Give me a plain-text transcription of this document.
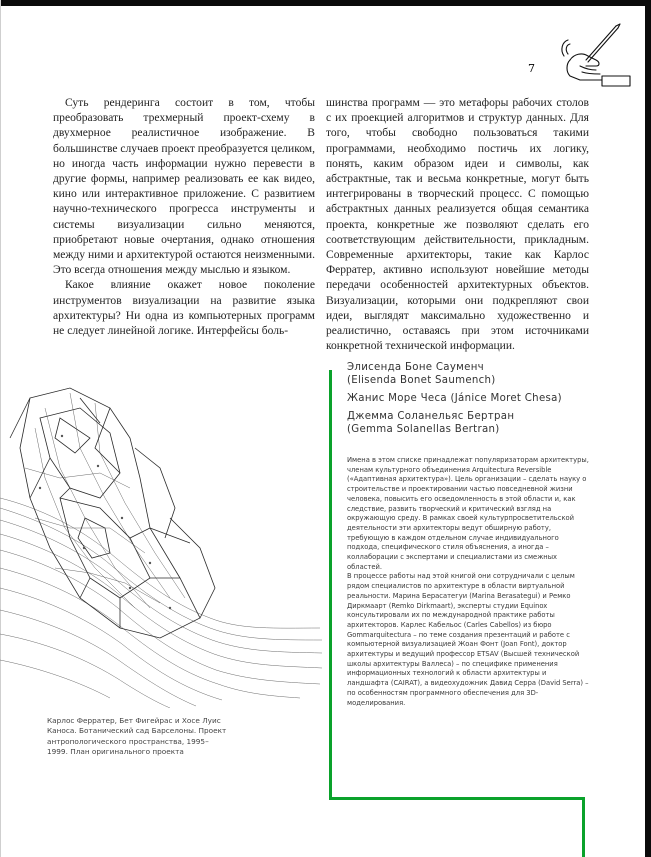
7

Суть рендеринга состоит в том, чтобы преобразовать трехмерный проект-схему в двухмерное реалистичное изображение. В большинстве случаев проект преобразуется целиком, но иногда часть информации нужно перевести в другие формы, например реализовать ее как видео, кино или интерактивное приложение. С развитием научно-технического прогресса инструменты и системы визуализации сильно меняются, приобретают новые очертания, однако отношения между ними и архитектурой остаются неизменными. Это всегда отношения между мыслью и языком.

Какое влияние окажет новое поколение инструментов визуализации на развитие языка архитектуры? Ни одна из компьютерных программ не следует линейной логике. Интерфейсы боль-

шинства программ — это метафоры рабочих столов с их проекцией алгоритмов и структур данных. Для того, чтобы свободно пользоваться такими программами, необходимо постичь их логику, понять, каким образом идеи и символы, как абстрактные, так и весьма конкретные, могут быть интегрированы в творческий процесс. С помощью абстрактных данных реализуется общая семантика проекта, конкретные же позволяют сделать его соответствующим действительности, прикладным. Современные архитекторы, такие как Карлос Ферратер, активно используют новейшие методы передачи особенностей архитектурных объектов. Визуализации, которыми они подкрепляют свои идеи, выглядят максимально художественно и реалистично, оставаясь при этом источниками конкретной технической информации.

Элисенда Боне Сауменч

(Elisenda Bonet Saumench)

Жанис Море Чеса (Jánice Moret Chesa)

Джемма Соланельяс Бертран

(Gemma Solanellas Bertran)

Имена в этом списке принадлежат популяризаторам архитектуры, членам культурного объединения Arquitectura Reversible («Адаптивная архитектура»). Цель организации – сделать науку о строительстве и проектировании частью повседневной жизни человека, повысить его осведомленность в этой области и, как следствие, развить творческий и критический взгляд на окружающую среду. В рамках своей культурпросветительской деятельности эти архитекторы ведут обширную работу, требующую в каждом отдельном случае индивидуального подхода, специфического стиля объяснения, а иногда – коллаборации с экспертами и специалистами из смежных областей.

В процессе работы над этой книгой они сотрудничали с целым рядом специалистов по архитектуре в области виртуальной реальности. Марина Берасатегуи (Marina Berasategui) и Ремко Диркмаарт (Remko Dirkmaart), эксперты студии Equinox консультировали их по международной практике работы архитекторов. Карлес Кабельос (Carles Cabellos) из бюро Gommarquitectura – по теме создания презентаций и работе с компьютерной визуализацией Жоан Фонт (Joan Font), доктор архитектуры и ведущий профессор ETSAV (Высшей технической школы архитектуры Валлеса) – по специфике применения информационных технологий к области архитектуры и ландшафта (CAIRAT), а видеохудожник Давид Серра (David Serra) – по особенностям программного обеспечения для 3D-моделирования.

Карлос Ферратер, Бет Фигейрас и Хосе Луис Каноса. Ботанический сад Барселоны. Проект антропологического пространства, 1995–1999. План оригинального проекта
